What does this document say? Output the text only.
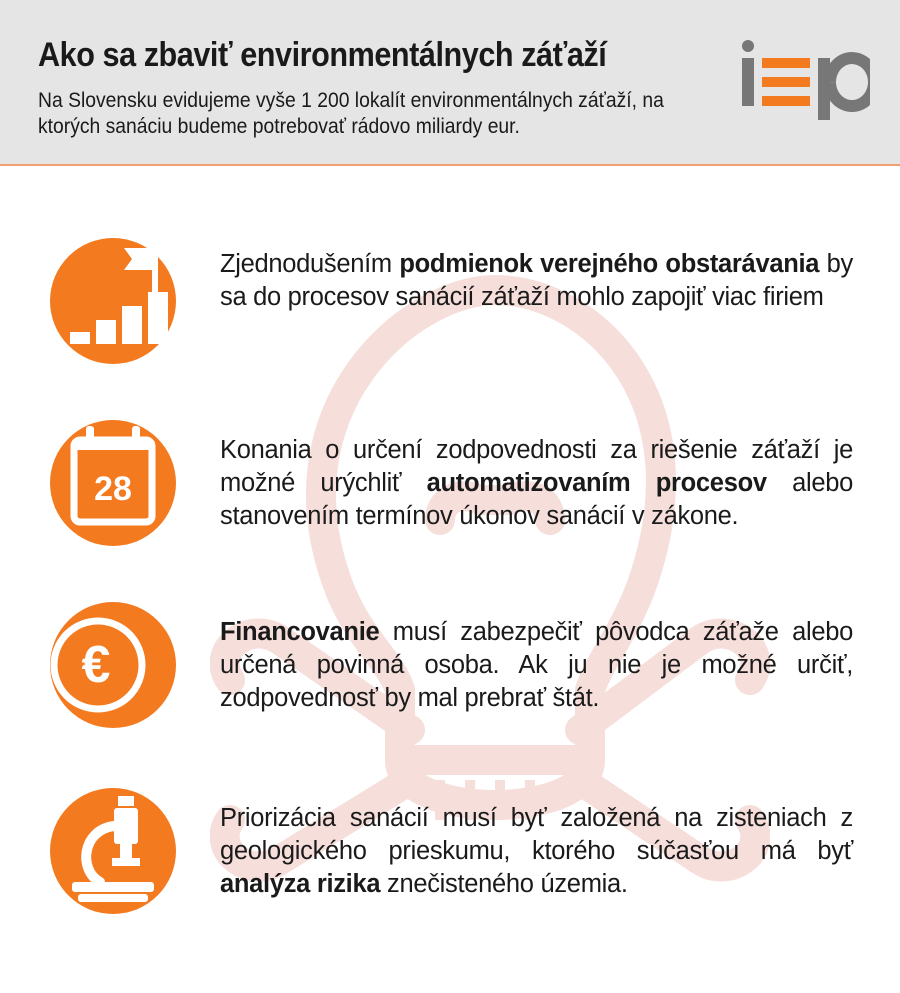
Ako sa zbaviť environmentálnych záťaží
Na Slovensku evidujeme vyše 1 200 lokalít environmentálnych záťaží, na ktorých sanáciu budeme potrebovať rádovo miliardy eur.
Zjednodušením podmienok verejného obstarávania by sa do procesov sanácií záťaží mohlo zapojiť viac firiem
28
Konania o určení zodpovednosti za riešenie záťaží je možné urýchliť automatizovaním procesov alebo stanovením termínov úkonov sanácií v zákone.
€
Financovanie musí zabezpečiť pôvodca záťaže alebo určená povinná osoba. Ak ju nie je možné určiť, zodpovednosť by mal prebrať štát.
Priorizácia sanácií musí byť založená na zisteniach z geologického prieskumu, ktorého súčasťou má byť analýza rizika znečisteného územia.
